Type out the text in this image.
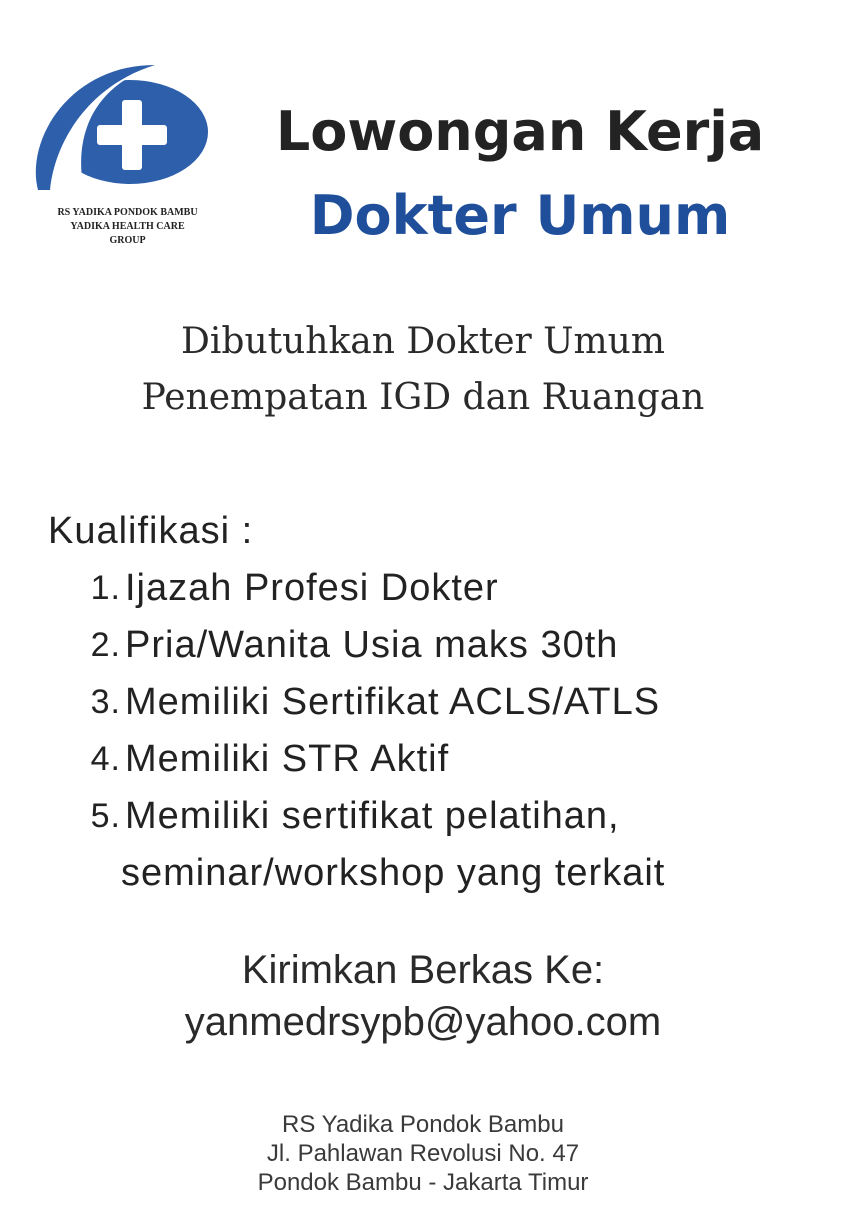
RS YADIKA PONDOK BAMBU
YADIKA HEALTH CARE
GROUP
Lowongan Kerja
Dokter Umum
Dibutuhkan Dokter Umum
Penempatan IGD dan Ruangan
Kualifikasi :
1. Ijazah Profesi Dokter
2. Pria/Wanita Usia maks 30th
3. Memiliki Sertifikat ACLS/ATLS
4. Memiliki STR Aktif
5. Memiliki sertifikat pelatihan,
seminar/workshop yang terkait
Kirimkan Berkas Ke:
yanmedrsypb@yahoo.com
RS Yadika Pondok Bambu
Jl. Pahlawan Revolusi No. 47
Pondok Bambu - Jakarta Timur
